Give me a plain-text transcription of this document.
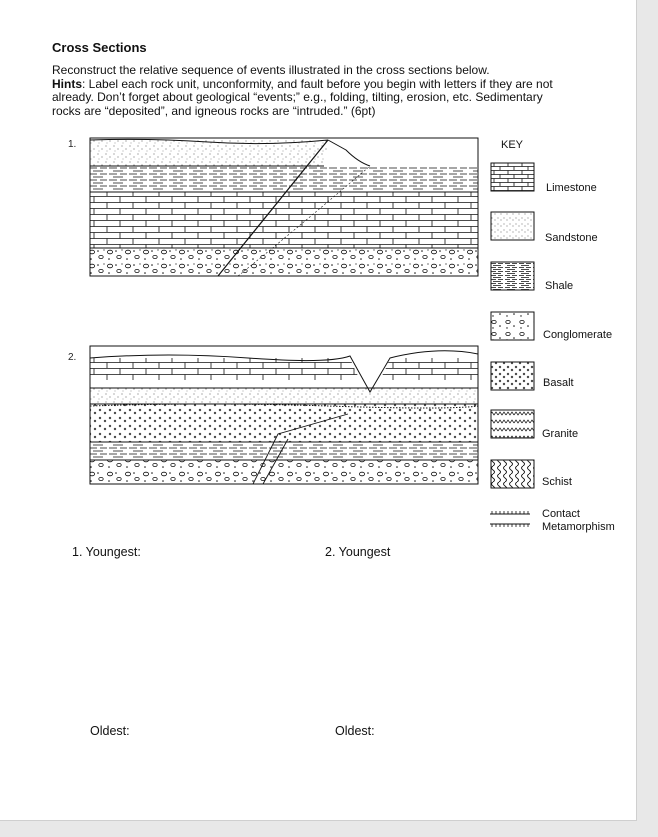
Cross Sections
Reconstruct the relative sequence of events illustrated in the cross sections below.
Hints: Label each rock unit, unconformity, and fault before you begin with letters if they are not already. Don’t forget about geological “events;” e.g., folding, tilting, erosion, etc. Sedimentary rocks are “deposited”, and igneous rocks are “intruded.” (6pt)
1.
2.
KEY
Limestone
Sandstone
Shale
Conglomerate
Basalt
Granite
Schist
Contact
Metamorphism
1. Youngest:	2. Youngest
Oldest:	Oldest:
